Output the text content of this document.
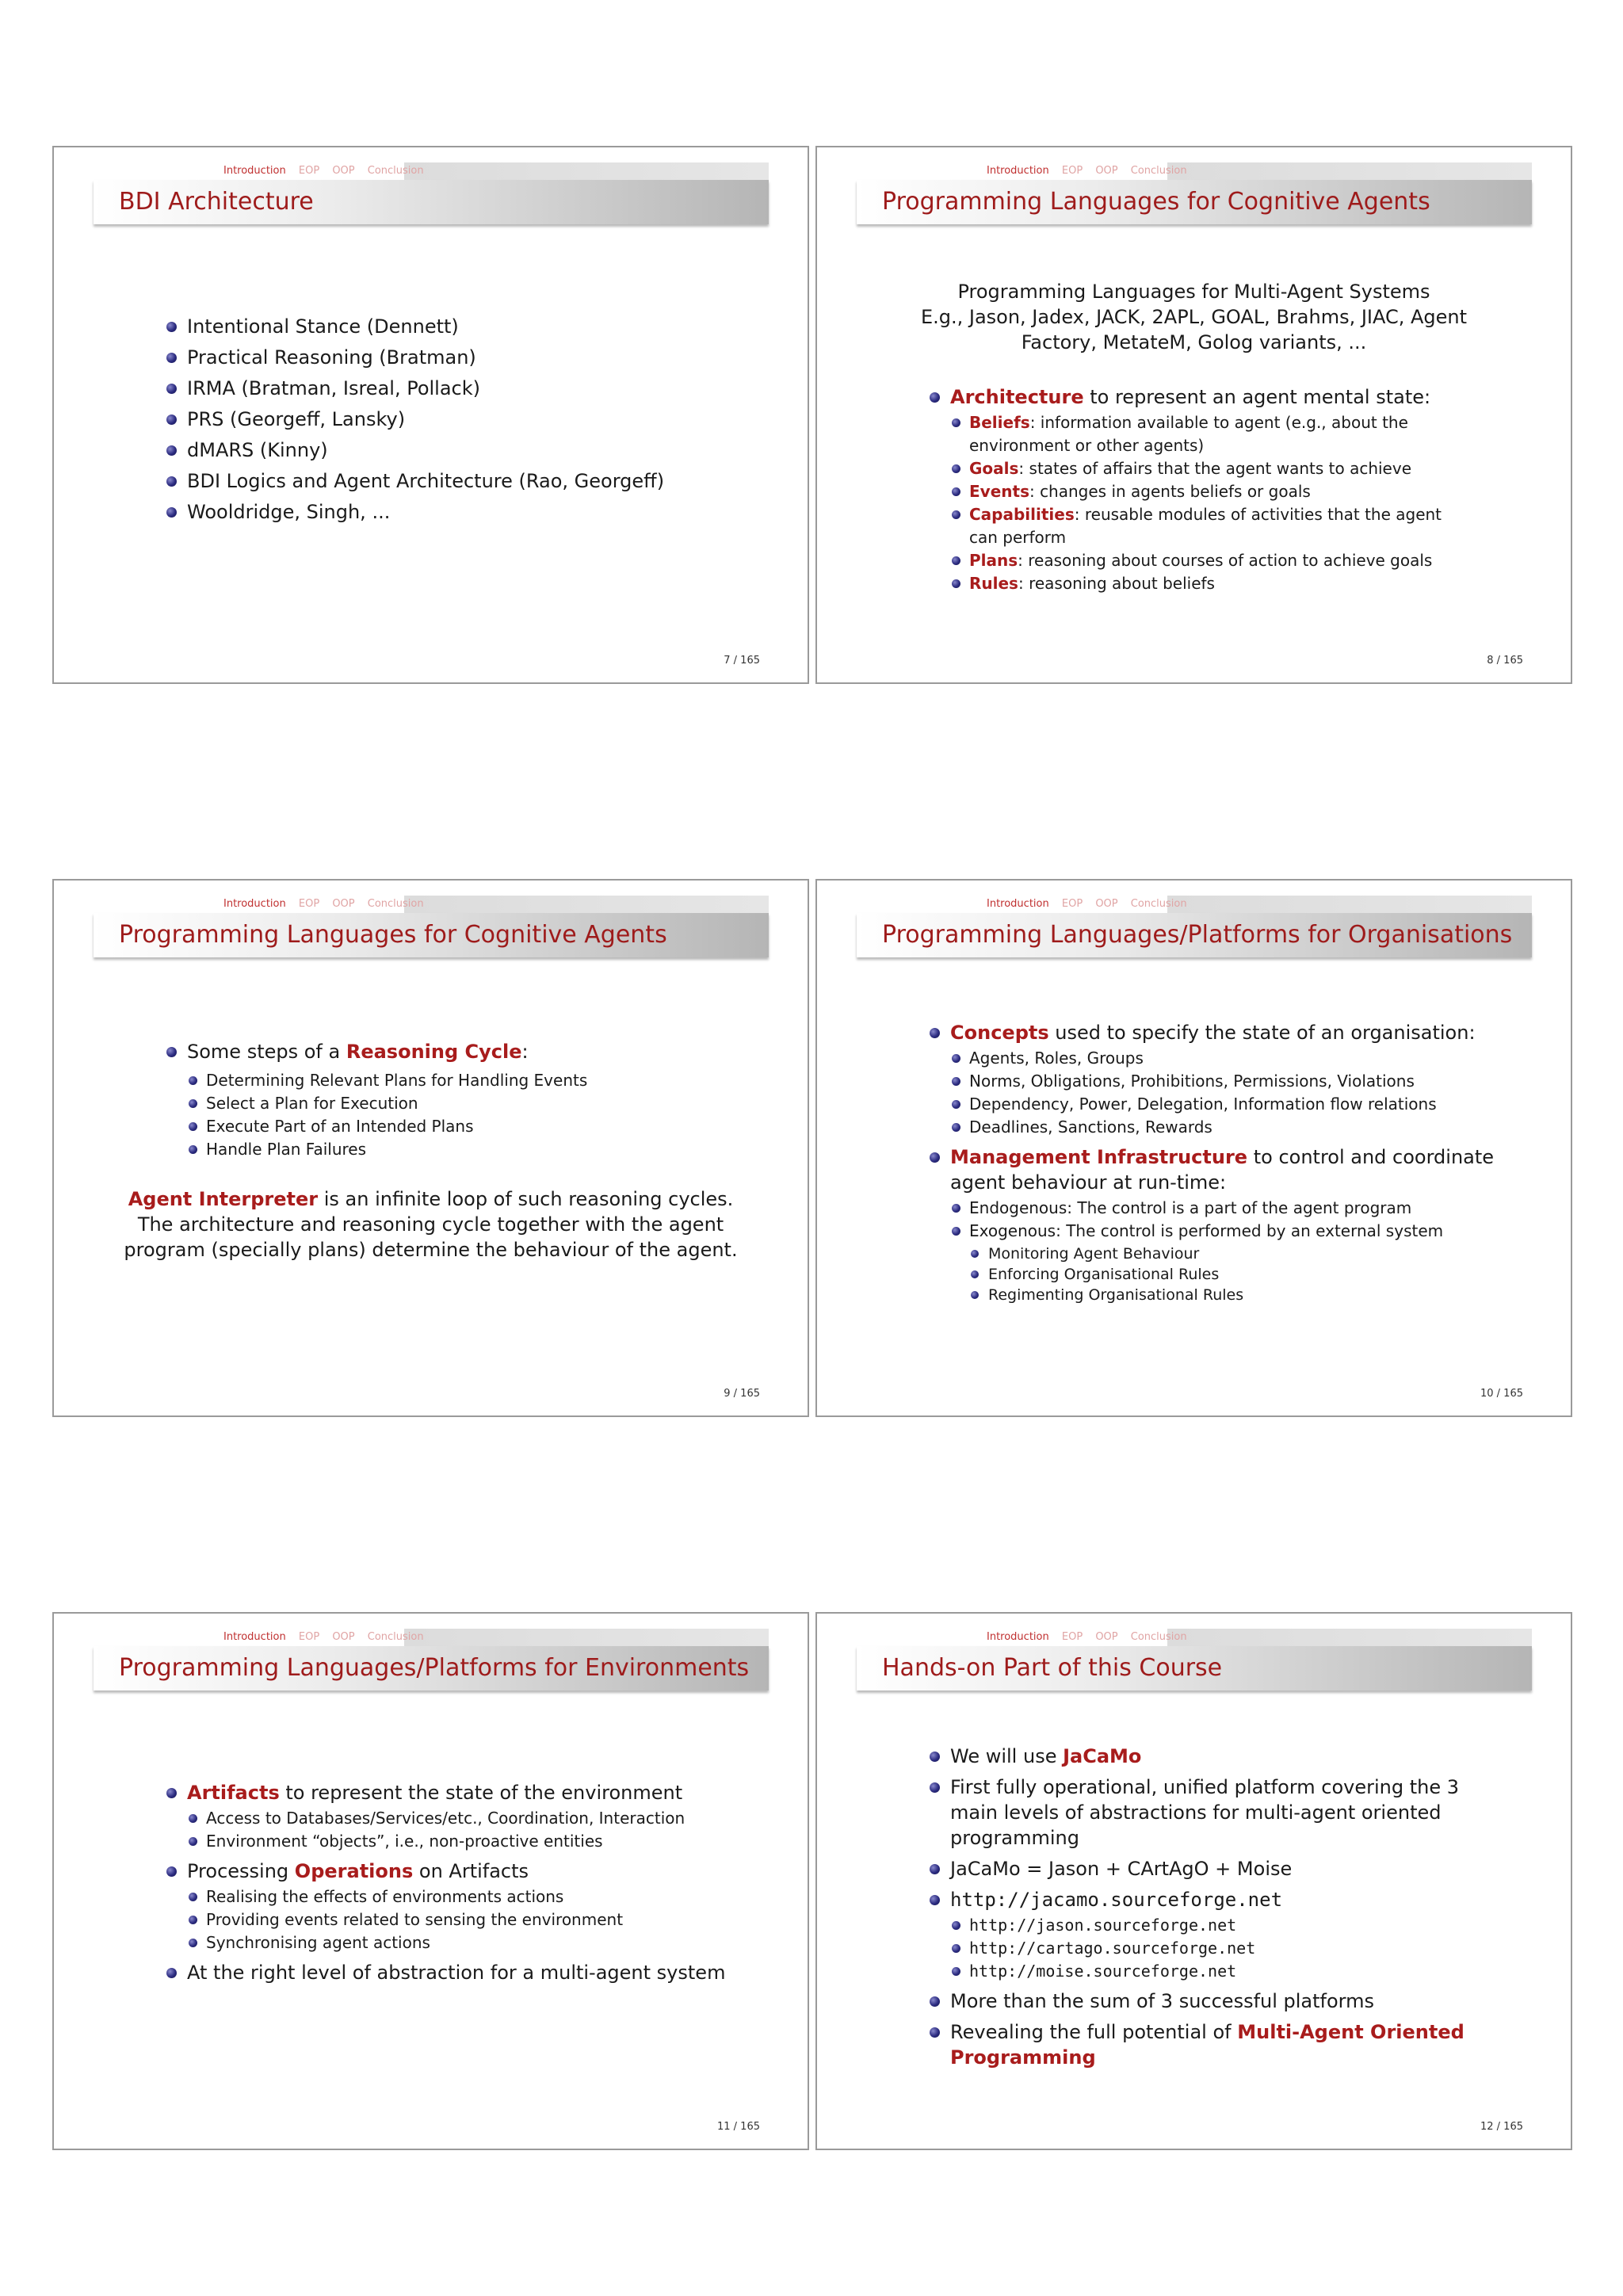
Introduction EOP OOP Conclusion
BDI Architecture
Intentional Stance (Dennett)
Practical Reasoning (Bratman)
IRMA (Bratman, Isreal, Pollack)
PRS (Georgeff, Lansky)
dMARS (Kinny)
BDI Logics and Agent Architecture (Rao, Georgeff)
Wooldridge, Singh, ...
7 / 165
Introduction EOP OOP Conclusion
Programming Languages for Cognitive Agents
Programming Languages for Multi-Agent Systems
E.g., Jason, Jadex, JACK, 2APL, GOAL, Brahms, JIAC, Agent
Factory, MetateM, Golog variants, ...
Architecture to represent an agent mental state:
Beliefs: information available to agent (e.g., about the environment or other agents)
Goals: states of affairs that the agent wants to achieve
Events: changes in agents beliefs or goals
Capabilities: reusable modules of activities that the agent can perform
Plans: reasoning about courses of action to achieve goals
Rules: reasoning about beliefs
8 / 165
Introduction EOP OOP Conclusion
Programming Languages for Cognitive Agents
Some steps of a Reasoning Cycle:
Determining Relevant Plans for Handling Events
Select a Plan for Execution
Execute Part of an Intended Plans
Handle Plan Failures
Agent Interpreter is an infinite loop of such reasoning cycles.
The architecture and reasoning cycle together with the agent
program (specially plans) determine the behaviour of the agent.
9 / 165
Introduction EOP OOP Conclusion
Programming Languages/Platforms for Organisations
Concepts used to specify the state of an organisation:
Agents, Roles, Groups
Norms, Obligations, Prohibitions, Permissions, Violations
Dependency, Power, Delegation, Information flow relations
Deadlines, Sanctions, Rewards
Management Infrastructure to control and coordinate agent behaviour at run-time:
Endogenous: The control is a part of the agent program
Exogenous: The control is performed by an external system
Monitoring Agent Behaviour
Enforcing Organisational Rules
Regimenting Organisational Rules
10 / 165
Introduction EOP OOP Conclusion
Programming Languages/Platforms for Environments
Artifacts to represent the state of the environment
Access to Databases/Services/etc., Coordination, Interaction
Environment “objects”, i.e., non-proactive entities
Processing Operations on Artifacts
Realising the effects of environments actions
Providing events related to sensing the environment
Synchronising agent actions
At the right level of abstraction for a multi-agent system
11 / 165
Introduction EOP OOP Conclusion
Hands-on Part of this Course
We will use JaCaMo
First fully operational, unified platform covering the 3 main levels of abstractions for multi-agent oriented programming
JaCaMo = Jason + CArtAgO + Moise
http://jacamo.sourceforge.net
http://jason.sourceforge.net
http://cartago.sourceforge.net
http://moise.sourceforge.net
More than the sum of 3 successful platforms
Revealing the full potential of Multi-Agent Oriented Programming
12 / 165
